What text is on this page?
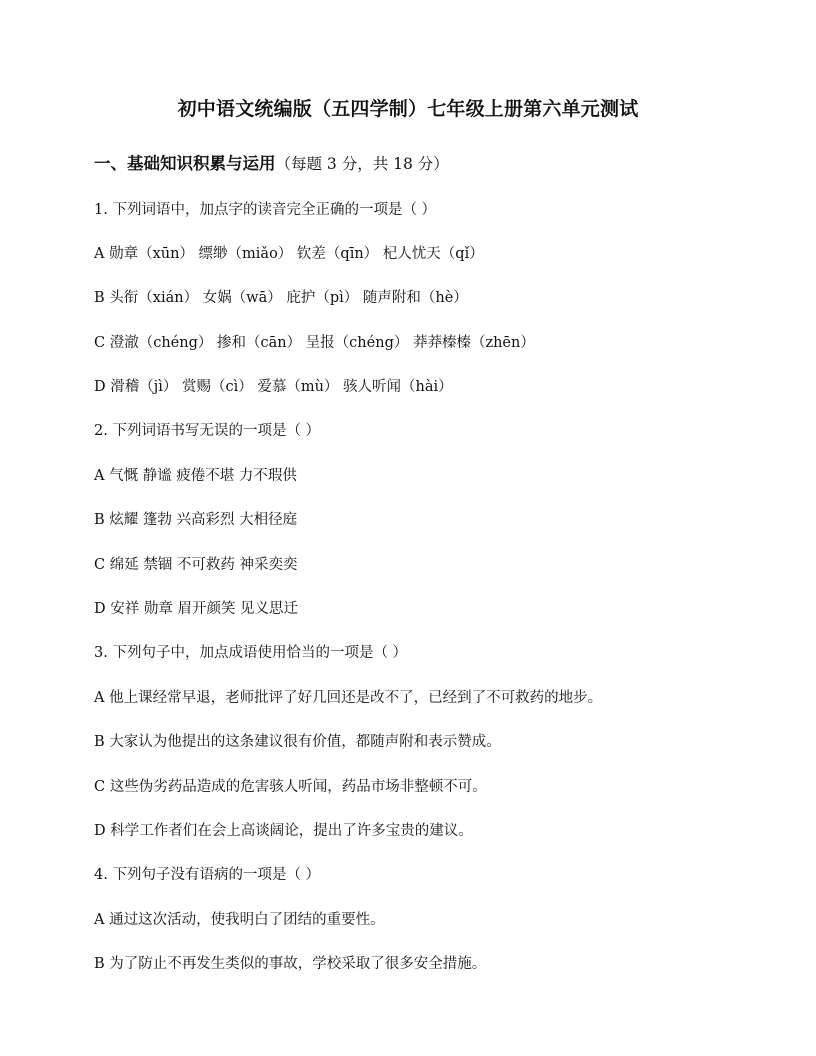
初中语文统编版（五四学制）七年级上册第六单元测试
一、基础知识积累与运用（每题 3 分，共 18 分）
1. 下列词语中，加点字的读音完全正确的一项是（ ）
A 勋章（xūn） 缥缈（miǎo） 钦差（qīn） 杞人忧天（qǐ）
B 头衔（xián） 女娲（wā） 庇护（pì） 随声附和（hè）
C 澄澈（chéng） 掺和（cān） 呈报（chéng） 莽莽榛榛（zhēn）
D 滑稽（jì） 赏赐（cì） 爱慕（mù） 骇人听闻（hài）
2. 下列词语书写无误的一项是（ ）
A 气慨 静谧 疲倦不堪 力不瑕供
B 炫耀 篷勃 兴高彩烈 大相径庭
C 绵延 禁锢 不可救药 神采奕奕
D 安祥 勋章 眉开颜笑 见义思迁
3. 下列句子中，加点成语使用恰当的一项是（ ）
A 他上课经常早退，老师批评了好几回还是改不了，已经到了不可救药的地步。
B 大家认为他提出的这条建议很有价值，都随声附和表示赞成。
C 这些伪劣药品造成的危害骇人听闻，药品市场非整顿不可。
D 科学工作者们在会上高谈阔论，提出了许多宝贵的建议。
4. 下列句子没有语病的一项是（ ）
A 通过这次活动，使我明白了团结的重要性。
B 为了防止不再发生类似的事故，学校采取了很多安全措施。
